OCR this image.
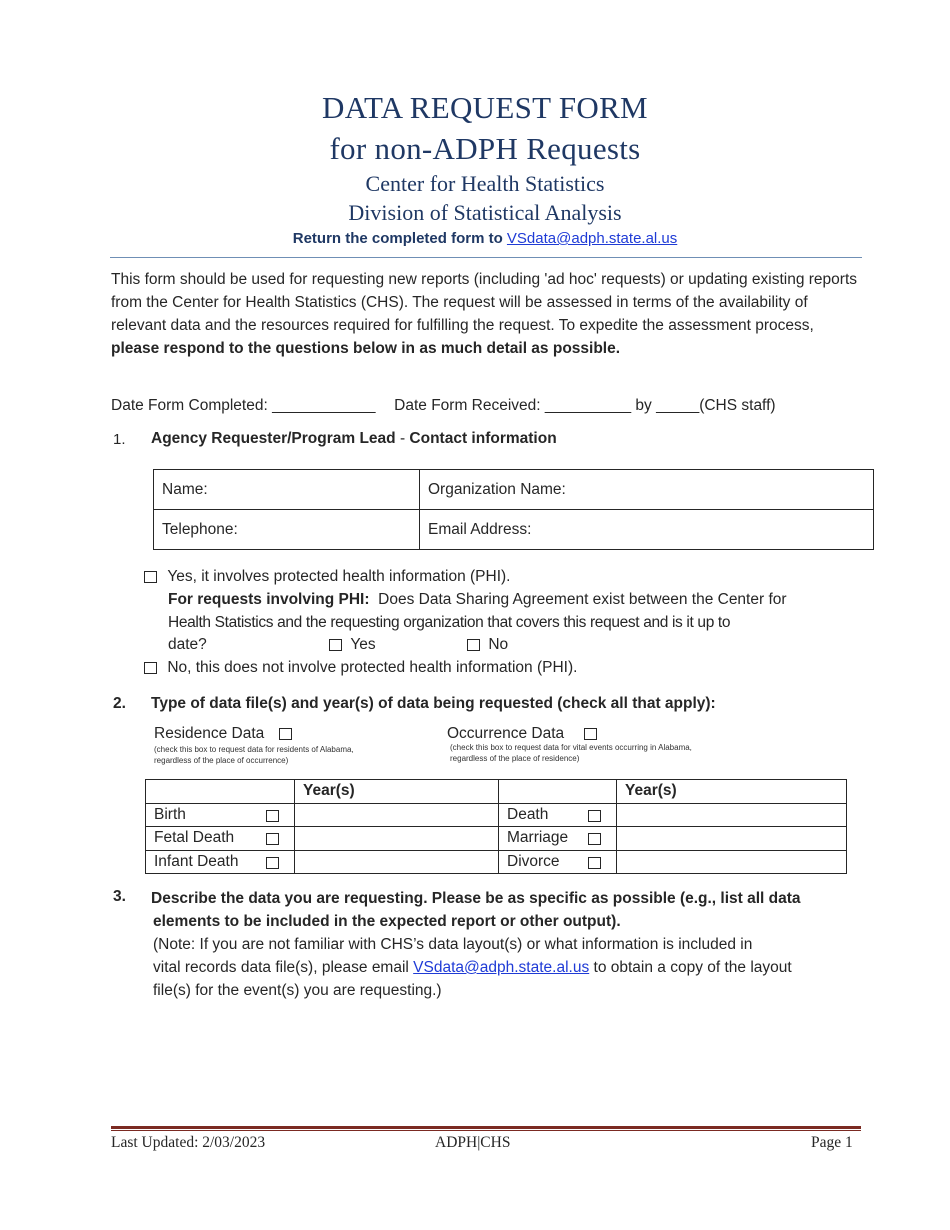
DATA REQUEST FORM
for non-ADPH Requests
Center for Health Statistics
Division of Statistical Analysis
Return the completed form to VSdata@adph.state.al.us
This form should be used for requesting new reports (including 'ad hoc' requests) or updating existing reports from the Center for Health Statistics (CHS). The request will be assessed in terms of the availability of relevant data and the resources required for fulfilling the request. To expedite the assessment process, please respond to the questions below in as much detail as possible.
Date Form Completed: ____________ Date Form Received: __________ by _____(CHS staff)
1. Agency Requester/Program Lead - Contact information
Name:	Organization Name:
Telephone:	Email Address:
Yes, it involves protected health information (PHI).
For requests involving PHI:  Does Data Sharing Agreement exist between the Center for
Health Statistics and the requesting organization that covers this request and is it up to
date?	Yes	No
No, this does not involve protected health information (PHI).
2. Type of data file(s) and year(s) of data being requested (check all that apply):
Residence Data
(check this box to request data for residents of Alabama,
regardless of the place of occurrence)
Occurrence Data
(check this box to request data for vital events occurring in Alabama,
regardless of the place of residence)
	Year(s)		Year(s)
Birth		Death

Fetal Death		Marriage

Infant Death		Divorce

3. Describe the data you are requesting. Please be as specific as possible (e.g., list all data
elements to be included in the expected report or other output).
(Note: If you are not familiar with CHS’s data layout(s) or what information is included in
vital records data file(s), please email VSdata@adph.state.al.us to obtain a copy of the layout
file(s) for the event(s) you are requesting.)
Last Updated: 2/03/2023	ADPH|CHS	Page 1
